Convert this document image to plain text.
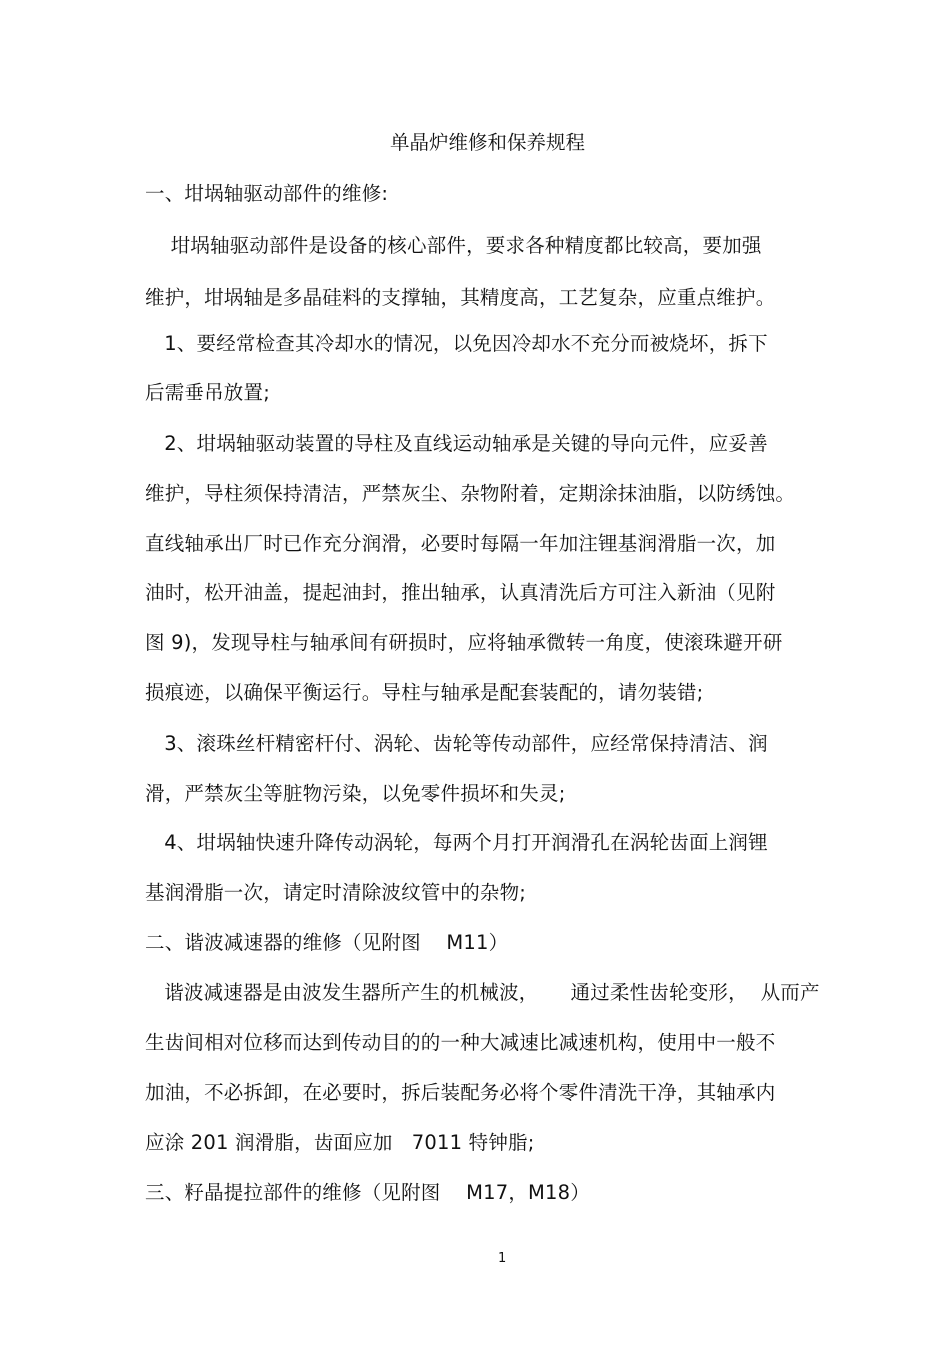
单晶炉维修和保养规程
一、坩埚轴驱动部件的维修:
坩埚轴驱动部件是设备的核心部件，要求各种精度都比较高，要加强
维护，坩埚轴是多晶硅料的支撑轴，其精度高，工艺复杂，应重点维护。
1、要经常检查其冷却水的情况，以免因冷却水不充分而被烧坏，拆下
后需垂吊放置;
2、坩埚轴驱动装置的导柱及直线运动轴承是关键的导向元件，应妥善
维护，导柱须保持清洁，严禁灰尘、杂物附着，定期涂抹油脂，以防绣蚀。
直线轴承出厂时已作充分润滑，必要时每隔一年加注锂基润滑脂一次，加
油时，松开油盖，提起油封，推出轴承，认真清洗后方可注入新油（见附
图 9)，发现导柱与轴承间有研损时，应将轴承微转一角度，使滚珠避开研
损痕迹，以确保平衡运行。导柱与轴承是配套装配的，请勿装错;
3、滚珠丝杆精密杆付、涡轮、齿轮等传动部件，应经常保持清洁、润
滑，严禁灰尘等脏物污染，以免零件损坏和失灵;
4、坩埚轴快速升降传动涡轮，每两个月打开润滑孔在涡轮齿面上润锂
基润滑脂一次，请定时清除波纹管中的杂物;
二、谐波减速器的维修（见附图    M11）
谐波减速器是由波发生器所产生的机械波，     通过柔性齿轮变形，  从而产
生齿间相对位移而达到传动目的的一种大减速比减速机构，使用中一般不
加油，不必拆卸，在必要时，拆后装配务必将个零件清洗干净，其轴承内
应涂 201 润滑脂，齿面应加   7011 特钟脂;
三、籽晶提拉部件的维修（见附图    M17，M18）
1
